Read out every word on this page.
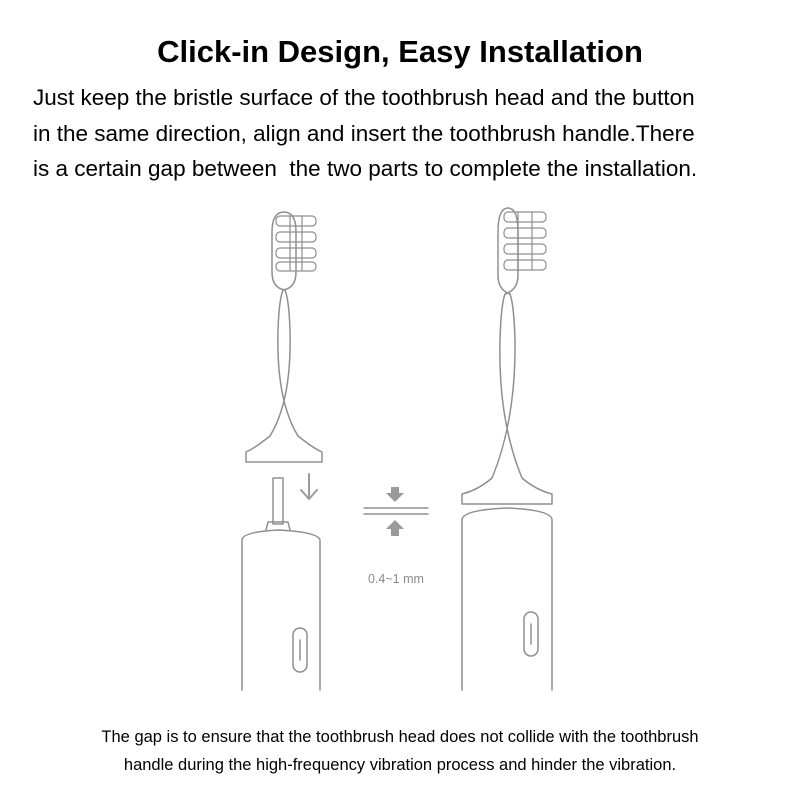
Click-in Design, Easy Installation

Just keep the bristle surface of the toothbrush head and the button
in the same direction, align and insert the toothbrush handle.There
is a certain gap between  the two parts to complete the installation.

0.4~1 mm

The gap is to ensure that the toothbrush head does not collide with the toothbrush
handle during the high-frequency vibration process and hinder the vibration.
